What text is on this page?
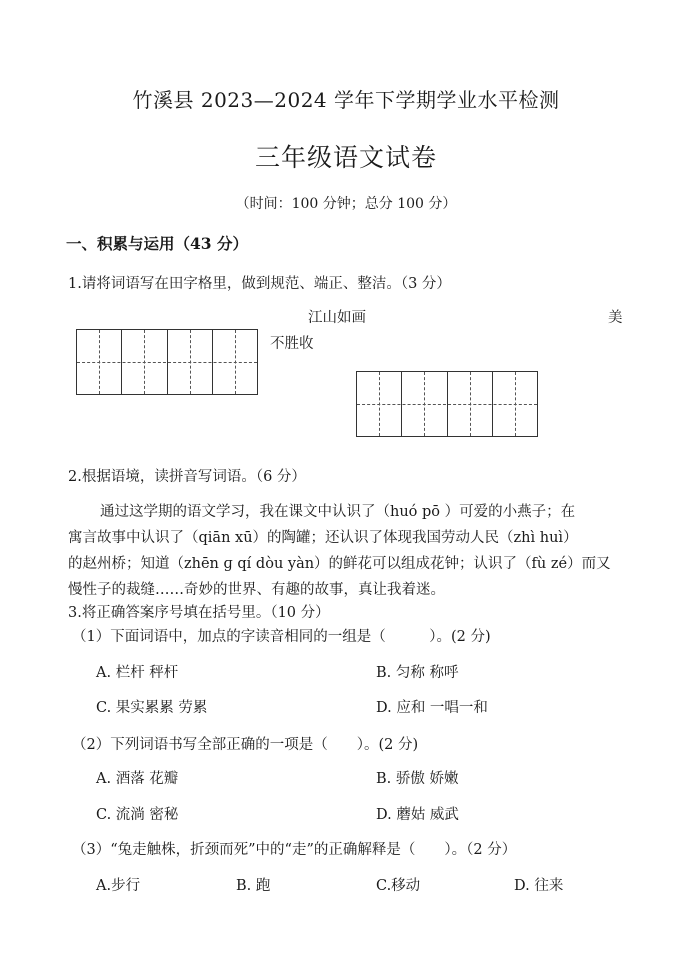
竹溪县 2023—2024 学年下学期学业水平检测
三年级语文试卷
（时间：100 分钟；总分 100 分）
一、积累与运用（43 分）
1.请将词语写在田字格里，做到规范、端正、整洁。（3 分）
江山如画	美
不胜收
2.根据语境，读拼音写词语。（6 分）
通过这学期的语文学习，我在课文中认识了（huó pō ）可爱的小燕子；在
寓言故事中认识了（qiān xū）的陶罐；还认识了体现我国劳动人民（zhì huì）
的赵州桥；知道（zhēn ɡ qí dòu yàn）的鲜花可以组成花钟；认识了（fù zé）而又
慢性子的裁缝……奇妙的世界、有趣的故事，真让我着迷。
3.将正确答案序号填在括号里。（10 分）
（1）下面词语中，加点的字读音相同的一组是（　　　）。(2 分)
A. 栏杆 秤杆	B. 匀称 称呼
C. 果实累累 劳累	D. 应和 一唱一和
（2）下列词语书写全部正确的一项是（　　）。(2 分)
A. 酒落 花瓣	B. 骄傲 娇嫩
C. 流淌 密秘	D. 蘑姑 威武
（3）“兔走触株，折颈而死”中的“走”的正确解释是（　　）。（2 分）
A.步行	B. 跑	C.移动	D. 往来
